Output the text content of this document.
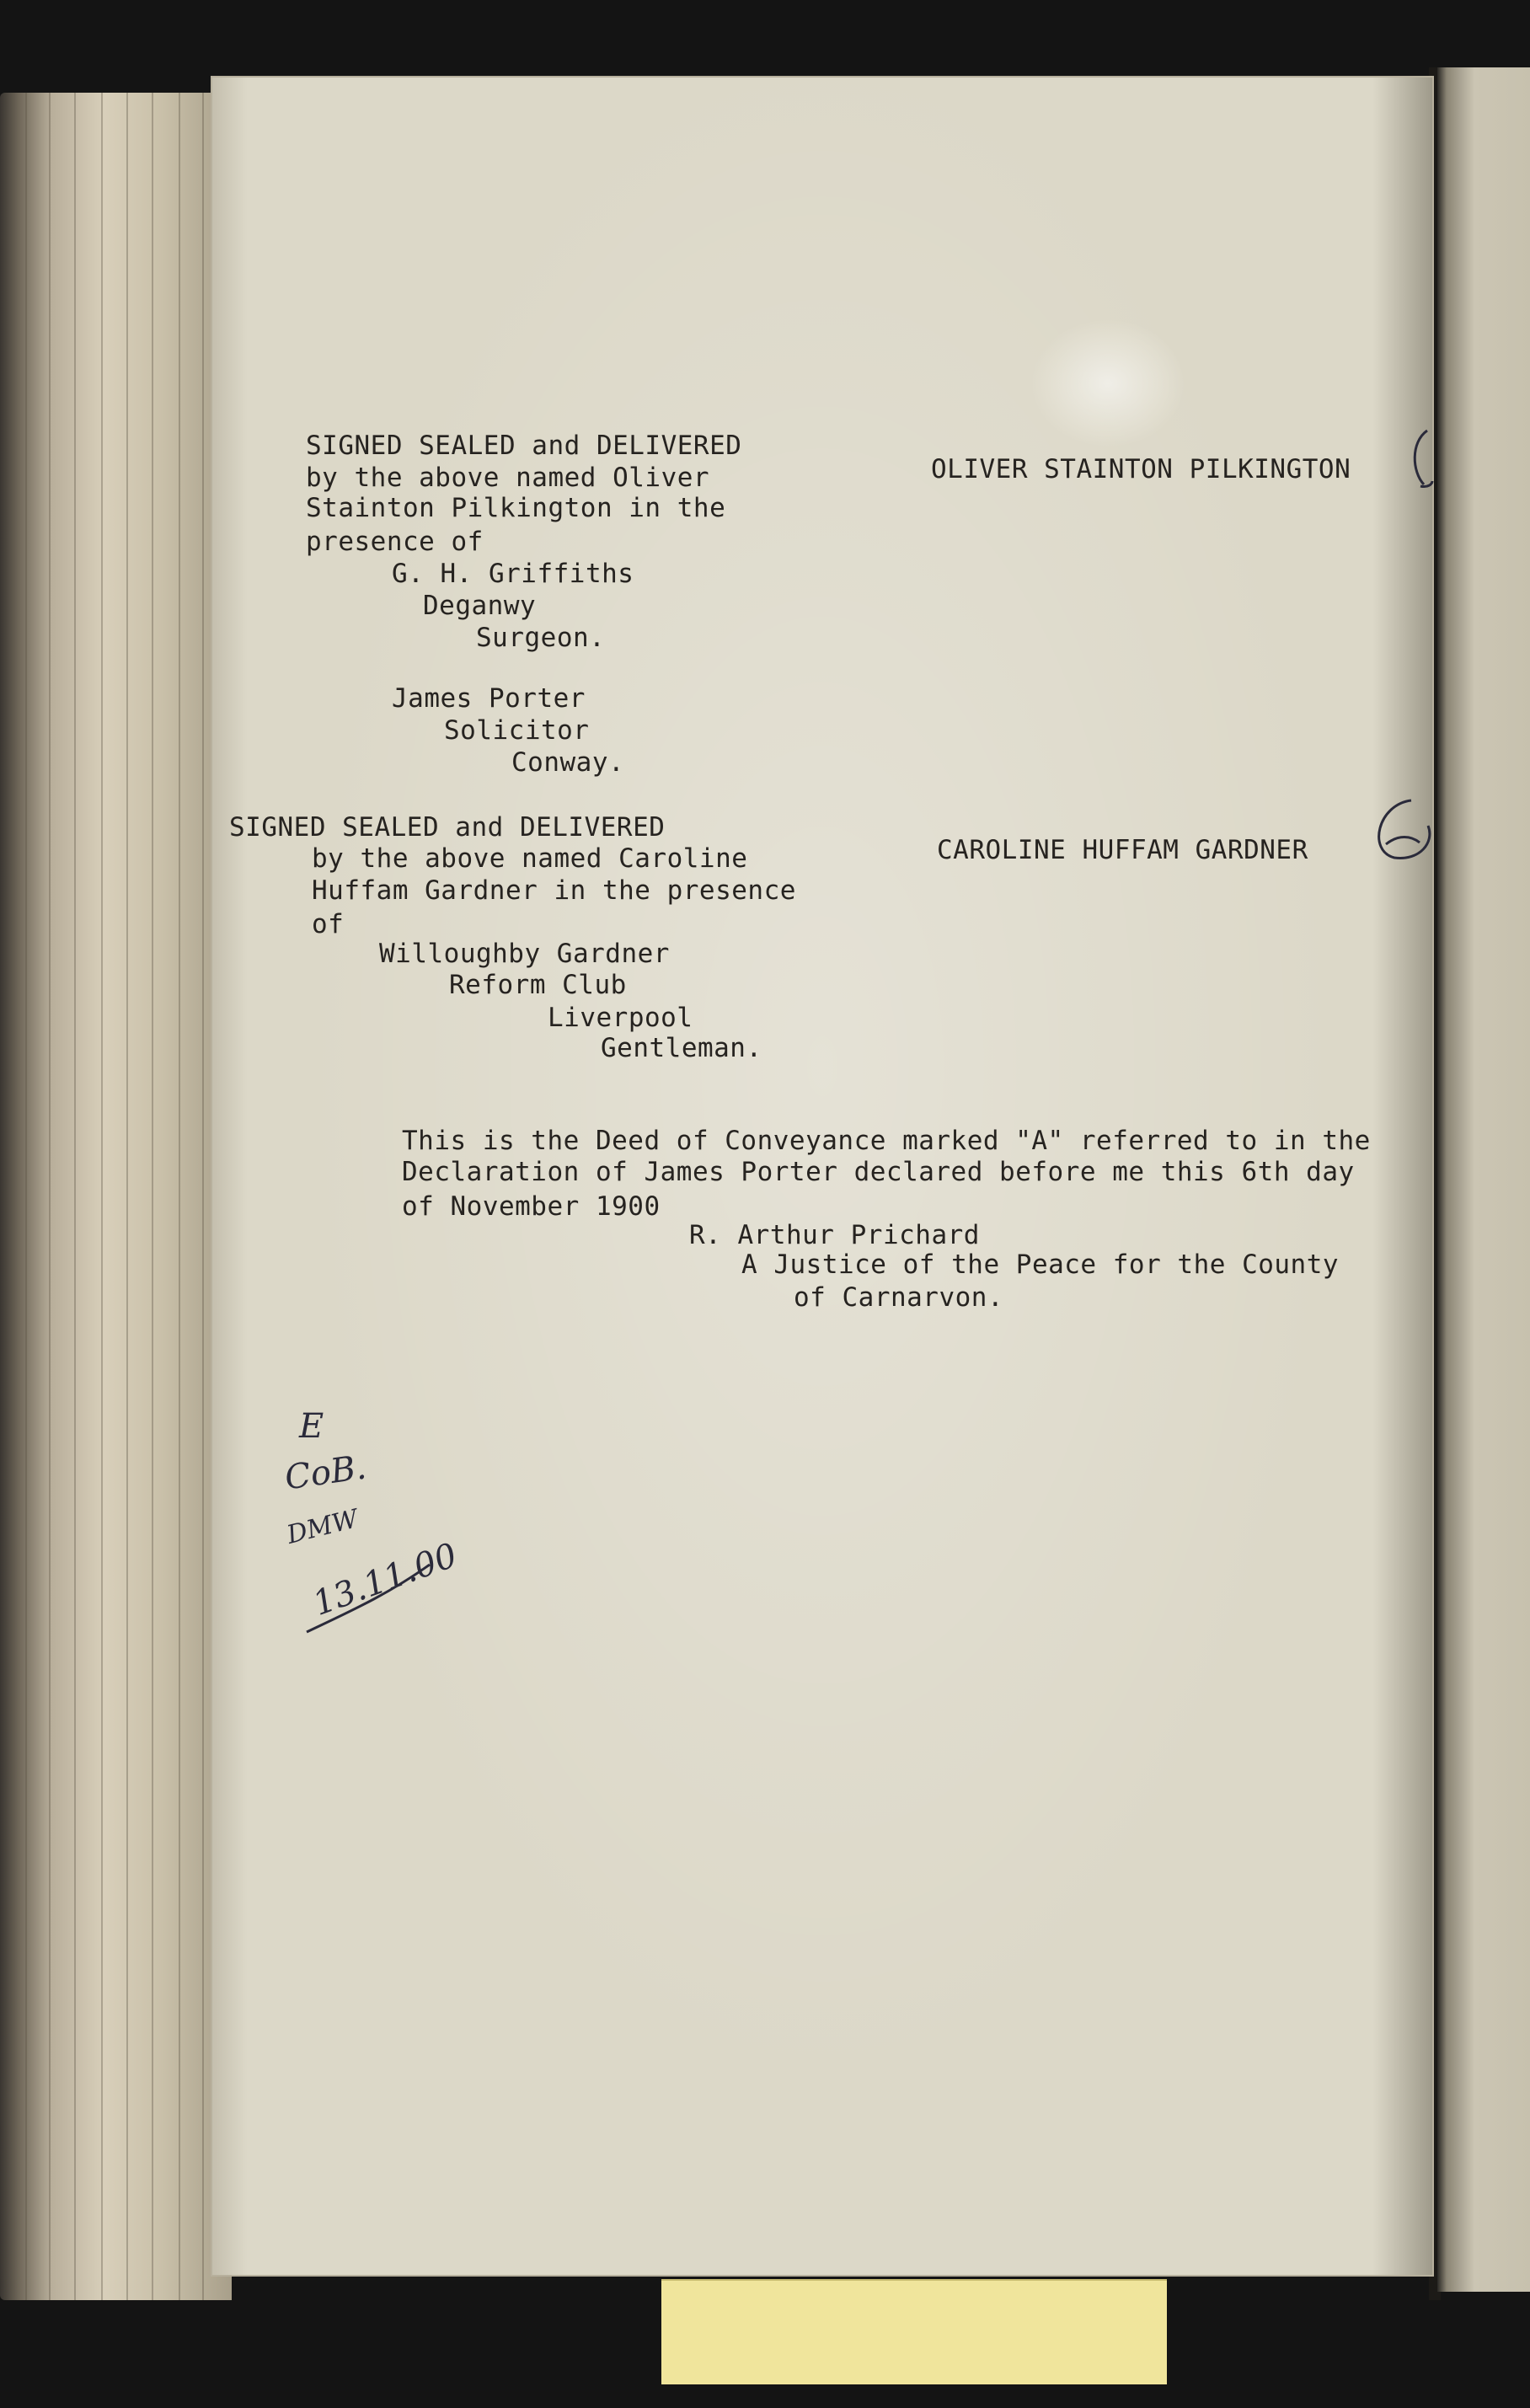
SIGNED SEALED and DELIVERED

by the above named Oliver

Stainton Pilkington in the

presence of

G. H. Griffiths

Deganwy

Surgeon.

James Porter

Solicitor

Conway.

OLIVER STAINTON PILKINGTON

SIGNED SEALED and DELIVERED

by the above named Caroline

Huffam Gardner in the presence

of

Willoughby Gardner

Reform Club

Liverpool

Gentleman.

CAROLINE HUFFAM GARDNER

This is the Deed of Conveyance marked "A" referred to in the

Declaration of James Porter declared before me this 6th day

of November 1900

R. Arthur Prichard

A Justice of the Peace for the County

of Carnarvon.

E
CoB.
DMW
13.11.00
